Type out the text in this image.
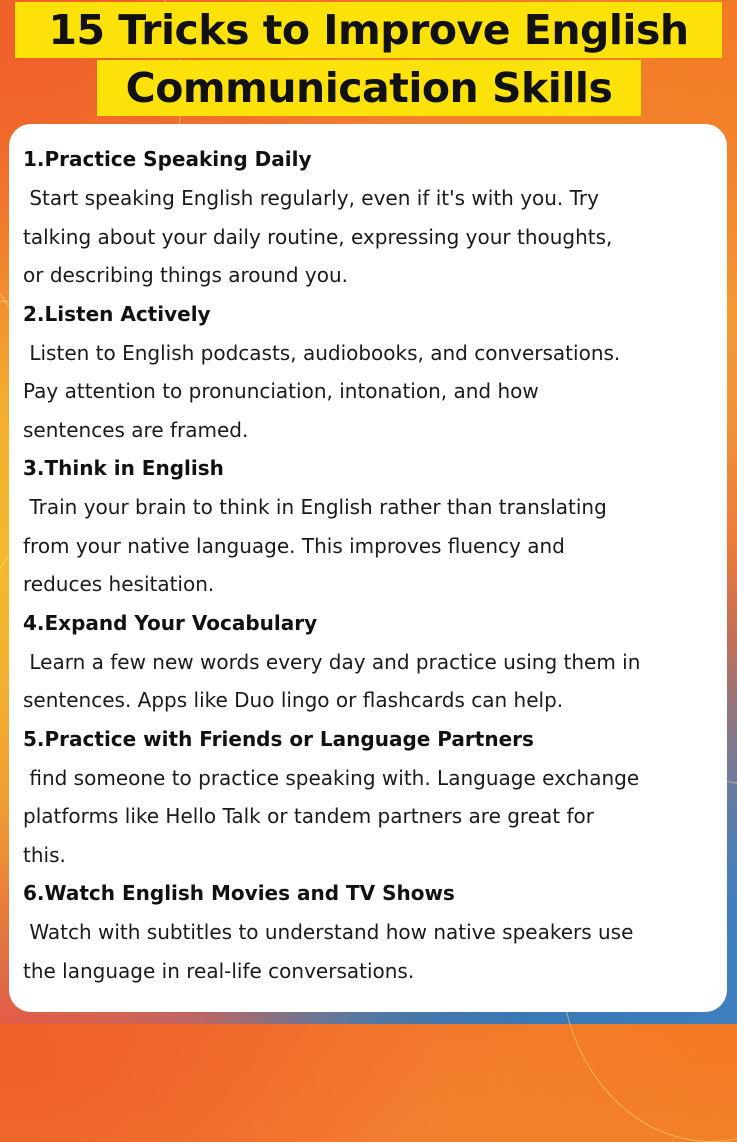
15 Tricks to Improve English
Communication Skills
1.Practice Speaking Daily
Start speaking English regularly, even if it's with you. Try
talking about your daily routine, expressing your thoughts,
or describing things around you.
2.Listen Actively
Listen to English podcasts, audiobooks, and conversations.
Pay attention to pronunciation, intonation, and how
sentences are framed.
3.Think in English
Train your brain to think in English rather than translating
from your native language. This improves fluency and
reduces hesitation.
4.Expand Your Vocabulary
Learn a few new words every day and practice using them in
sentences. Apps like Duo lingo or flashcards can help.
5.Practice with Friends or Language Partners
find someone to practice speaking with. Language exchange
platforms like Hello Talk or tandem partners are great for
this.
6.Watch English Movies and TV Shows
Watch with subtitles to understand how native speakers use
the language in real-life conversations.
